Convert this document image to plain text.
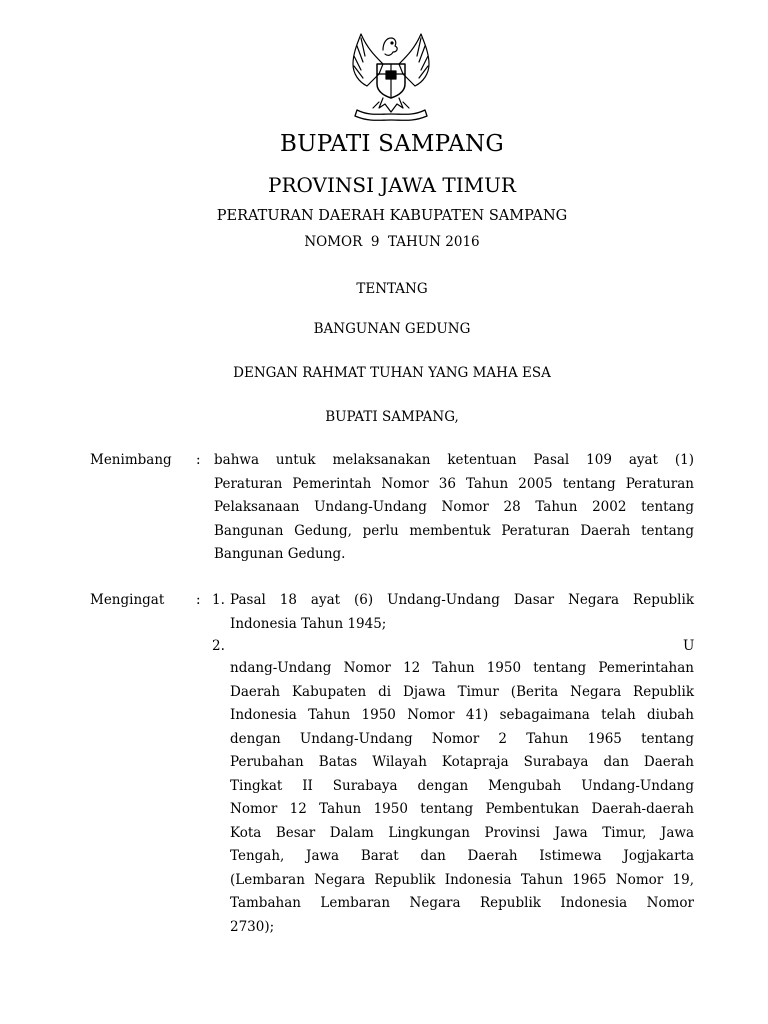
BUPATI SAMPANG
PROVINSI JAWA TIMUR
PERATURAN DAERAH KABUPATEN SAMPANG
NOMOR  9  TAHUN 2016
TENTANG
BANGUNAN GEDUNG
DENGAN RAHMAT TUHAN YANG MAHA ESA
BUPATI SAMPANG,
Menimbang : bahwa untuk melaksanakan ketentuan Pasal 109 ayat (1)
Peraturan Pemerintah Nomor 36 Tahun 2005 tentang Peraturan
Pelaksanaan Undang-Undang Nomor 28 Tahun 2002 tentang
Bangunan Gedung, perlu membentuk Peraturan Daerah tentang
Bangunan Gedung.
Mengingat : 1. Pasal 18 ayat (6) Undang-Undang Dasar Negara Republik
Indonesia Tahun 1945;
2.	U
ndang-Undang Nomor 12 Tahun 1950 tentang Pemerintahan
Daerah Kabupaten di Djawa Timur (Berita Negara Republik
Indonesia Tahun 1950 Nomor 41) sebagaimana telah diubah
dengan Undang-Undang Nomor 2 Tahun 1965 tentang
Perubahan Batas Wilayah Kotapraja Surabaya dan Daerah
Tingkat II Surabaya dengan Mengubah Undang-Undang
Nomor 12 Tahun 1950 tentang Pembentukan Daerah-daerah
Kota Besar Dalam Lingkungan Provinsi Jawa Timur, Jawa
Tengah, Jawa Barat dan Daerah Istimewa Jogjakarta
(Lembaran Negara Republik Indonesia Tahun 1965 Nomor 19,
Tambahan Lembaran Negara Republik Indonesia Nomor
2730);
